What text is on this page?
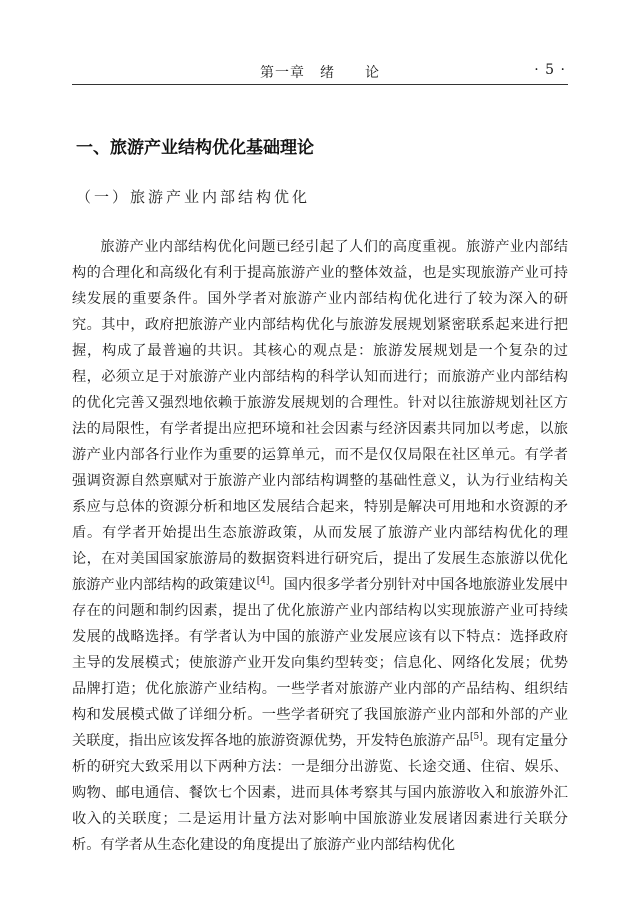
第一章　绪　　论	· 5 ·
一、旅游产业结构优化基础理论
（一）旅游产业内部结构优化

旅游产业内部结构优化问题已经引起了人们的高度重视。旅游产业内部结构的合理化和高级化有利于提高旅游产业的整体效益，也是实现旅游产业可持续发展的重要条件。国外学者对旅游产业内部结构优化进行了较为深入的研究。其中，政府把旅游产业内部结构优化与旅游发展规划紧密联系起来进行把握，构成了最普遍的共识。其核心的观点是：旅游发展规划是一个复杂的过程，必须立足于对旅游产业内部结构的科学认知而进行；而旅游产业内部结构的优化完善又强烈地依赖于旅游发展规划的合理性。针对以往旅游规划社区方法的局限性，有学者提出应把环境和社会因素与经济因素共同加以考虑，以旅游产业内部各行业作为重要的运算单元，而不是仅仅局限在社区单元。有学者强调资源自然禀赋对于旅游产业内部结构调整的基础性意义，认为行业结构关系应与总体的资源分析和地区发展结合起来，特别是解决可用地和水资源的矛盾。有学者开始提出生态旅游政策，从而发展了旅游产业内部结构优化的理论，在对美国国家旅游局的数据资料进行研究后，提出了发展生态旅游以优化旅游产业内部结构的政策建议[4]。国内很多学者分别针对中国各地旅游业发展中存在的问题和制约因素，提出了优化旅游产业内部结构以实现旅游产业可持续发展的战略选择。有学者认为中国的旅游产业发展应该有以下特点：选择政府主导的发展模式；使旅游产业开发向集约型转变；信息化、网络化发展；优势品牌打造；优化旅游产业结构。一些学者对旅游产业内部的产品结构、组织结构和发展模式做了详细分析。一些学者研究了我国旅游产业内部和外部的产业关联度，指出应该发挥各地的旅游资源优势，开发特色旅游产品[5]。现有定量分析的研究大致采用以下两种方法：一是细分出游览、长途交通、住宿、娱乐、购物、邮电通信、餐饮七个因素，进而具体考察其与国内旅游收入和旅游外汇收入的关联度；二是运用计量方法对影响中国旅游业发展诸因素进行关联分析。有学者从生态化建设的角度提出了旅游产业内部结构优化
